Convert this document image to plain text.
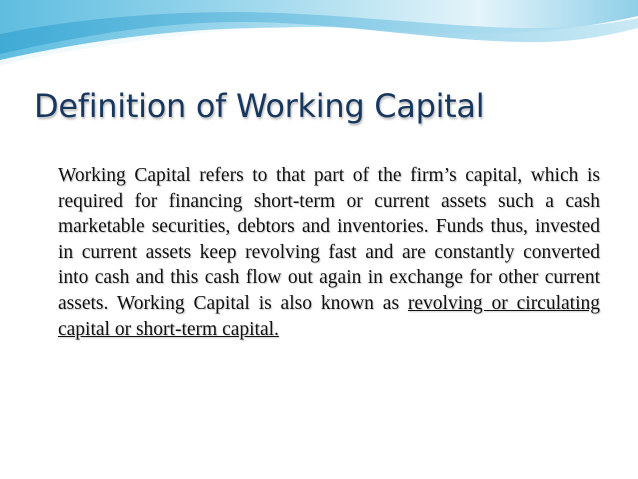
Definition of Working Capital

Working Capital refers to that part of the firm’s capital, which is required for financing short-term or current assets such a cash marketable securities, debtors and inventories. Funds thus, invested in current assets keep revolving fast and are constantly converted into cash and this cash flow out again in exchange for other current assets. Working Capital is also known as revolving or circulating capital or short-term capital.
